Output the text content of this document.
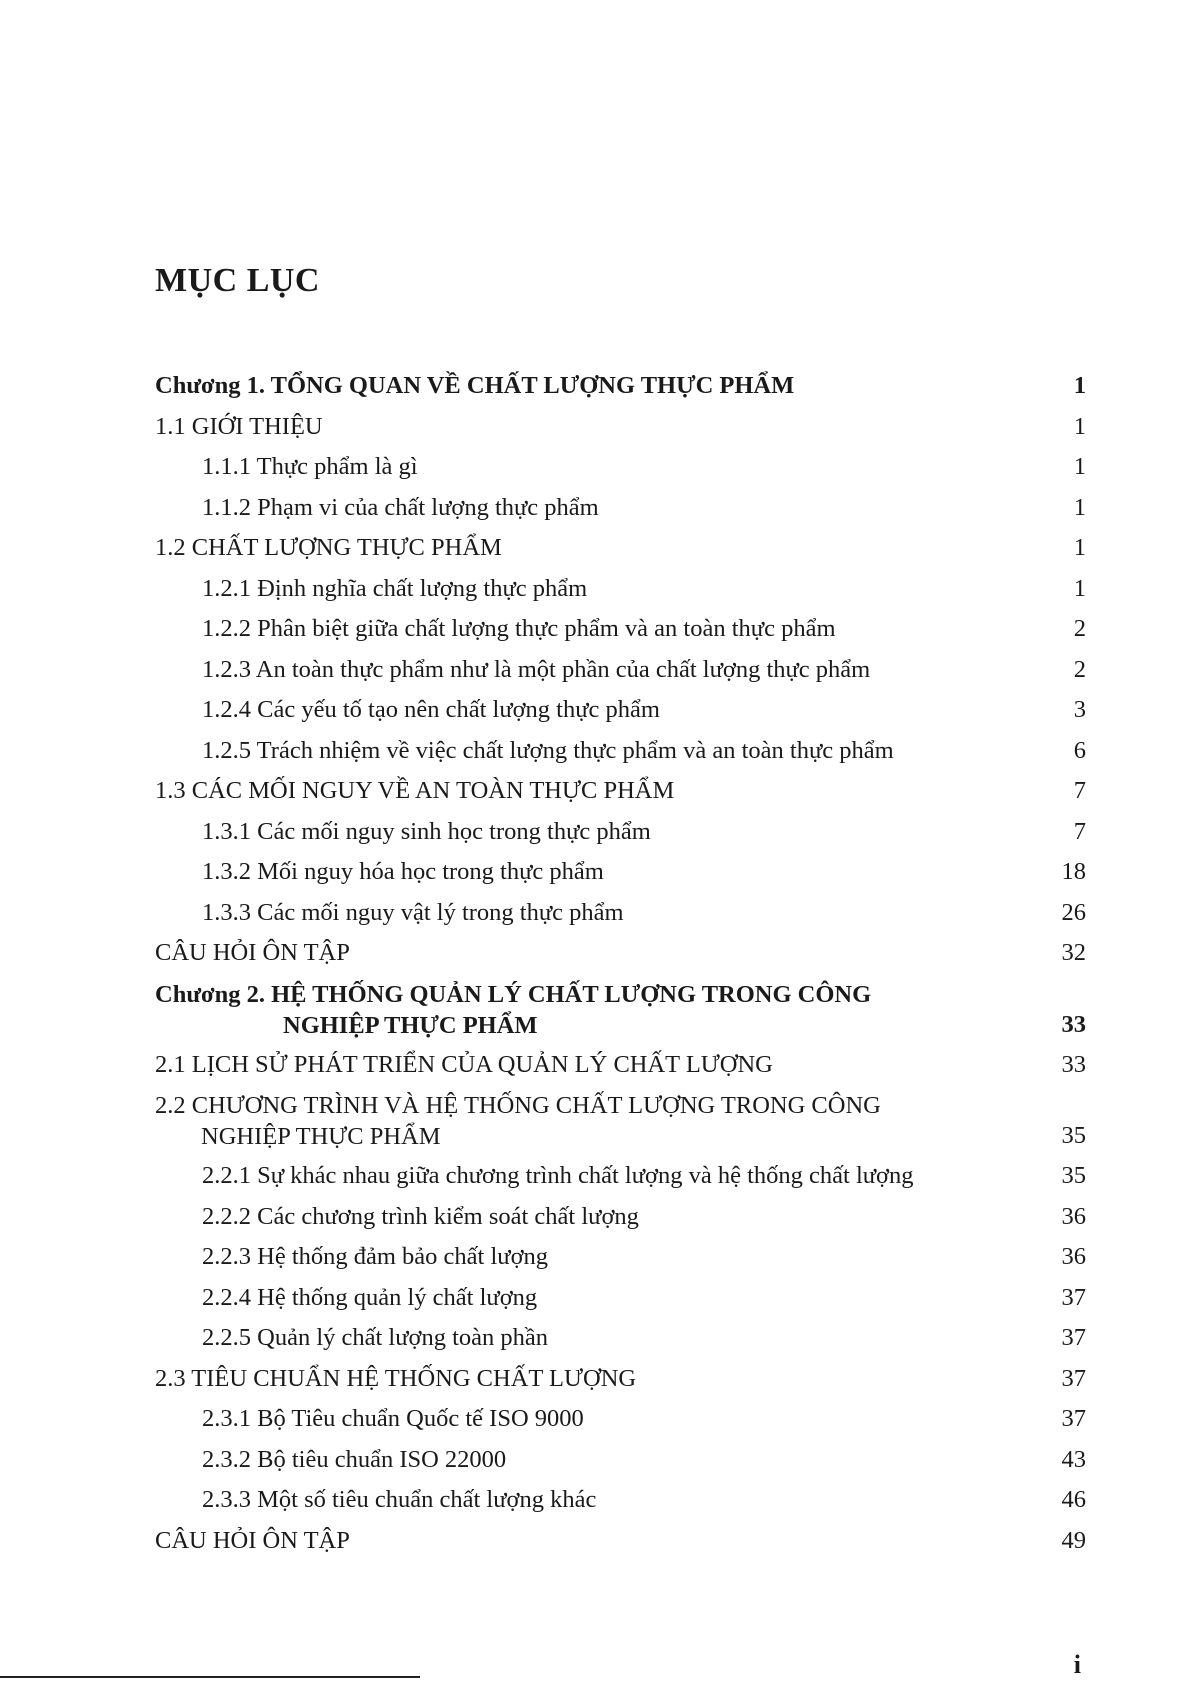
MỤC LỤC
Chương 1. TỔNG QUAN VỀ CHẤT LƯỢNG THỰC PHẨM	1
1.1 GIỚI THIỆU	1
1.1.1 Thực phẩm là gì	1
1.1.2 Phạm vi của chất lượng thực phẩm	1
1.2 CHẤT LƯỢNG THỰC PHẨM	1
1.2.1 Định nghĩa chất lượng thực phẩm	1
1.2.2 Phân biệt giữa chất lượng thực phẩm và an toàn thực phẩm	2
1.2.3 An toàn thực phẩm như là một phần của chất lượng thực phẩm	2
1.2.4 Các yếu tố tạo nên chất lượng thực phẩm	3
1.2.5 Trách nhiệm về việc chất lượng thực phẩm và an toàn thực phẩm	6
1.3 CÁC MỐI NGUY VỀ AN TOÀN THỰC PHẨM	7
1.3.1 Các mối nguy sinh học trong thực phẩm	7
1.3.2 Mối nguy hóa học trong thực phẩm	18
1.3.3 Các mối nguy vật lý trong thực phẩm	26
CÂU HỎI ÔN TẬP	32
Chương 2. HỆ THỐNG QUẢN LÝ CHẤT LƯỢNG TRONG CÔNG
NGHIỆP THỰC PHẨM	33
2.1 LỊCH SỬ PHÁT TRIỂN CỦA QUẢN LÝ CHẤT LƯỢNG	33
2.2 CHƯƠNG TRÌNH VÀ HỆ THỐNG CHẤT LƯỢNG TRONG CÔNG
NGHIỆP THỰC PHẨM	35
2.2.1 Sự khác nhau giữa chương trình chất lượng và hệ thống chất lượng	35
2.2.2 Các chương trình kiểm soát chất lượng	36
2.2.3 Hệ thống đảm bảo chất lượng	36
2.2.4 Hệ thống quản lý chất lượng	37
2.2.5 Quản lý chất lượng toàn phần	37
2.3 TIÊU CHUẨN HỆ THỐNG CHẤT LƯỢNG	37
2.3.1 Bộ Tiêu chuẩn Quốc tế ISO 9000	37
2.3.2 Bộ tiêu chuẩn ISO 22000	43
2.3.3 Một số tiêu chuẩn chất lượng khác	46
CÂU HỎI ÔN TẬP	49
i
